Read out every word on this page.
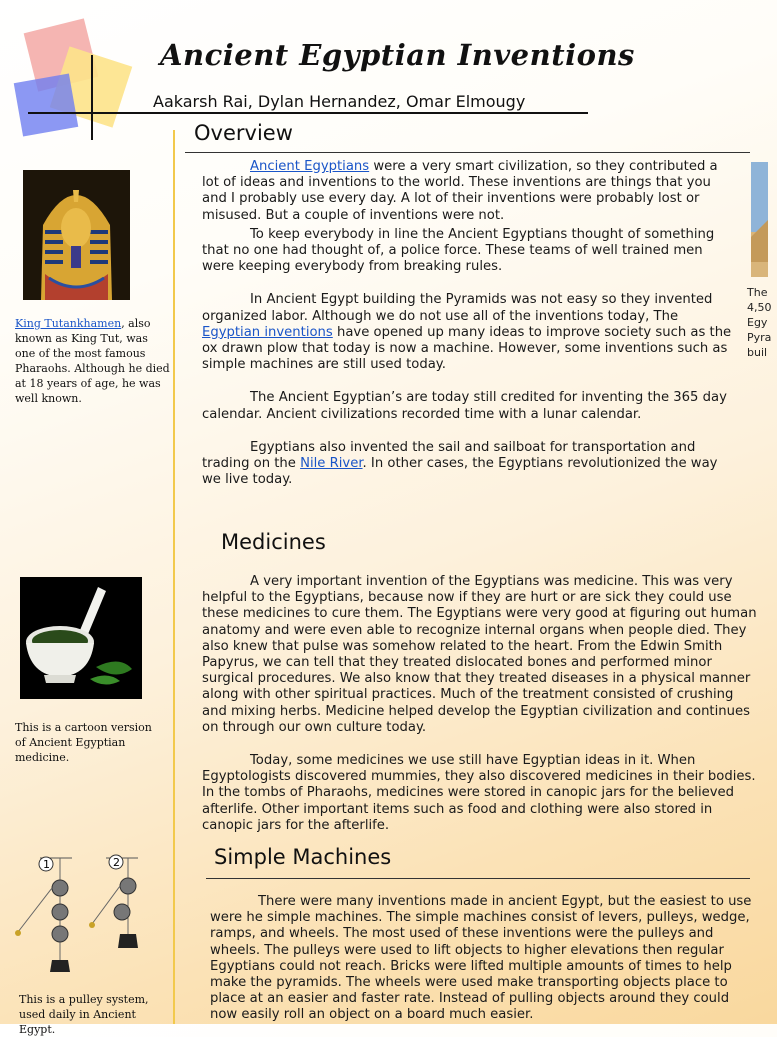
Ancient Egyptian Inventions
Aakarsh Rai, Dylan Hernandez, Omar Elmougy
Overview

Ancient Egyptians were a very smart civilization, so they contributed a lot of ideas and inventions to the world. These inventions are things that you and I probably use every day. A lot of their inventions were probably lost or misused. But a couple of inventions were not.

To keep everybody in line the Ancient Egyptians thought of something that no one had thought of, a police force. These teams of well trained men were keeping everybody from breaking rules.

In Ancient Egypt building the Pyramids was not easy so they invented organized labor. Although we do not use all of the inventions today, The Egyptian inventions have opened up many ideas to improve society such as the ox drawn plow that today is now a machine. However, some inventions such as simple machines are still used today.

The Ancient Egyptian’s are today still credited for inventing the 365 day calendar. Ancient civilizations recorded time with a lunar calendar.

Egyptians also invented the sail and sailboat for transportation and trading on the Nile River. In other cases, the Egyptians revolutionized the way we live today.

Medicines

A very important invention of the Egyptians was medicine. This was very helpful to the Egyptians, because now if they are hurt or are sick they could use these medicines to cure them. The Egyptians were very good at figuring out human anatomy and were even able to recognize internal organs when people died. They also knew that pulse was somehow related to the heart. From the Edwin Smith Papyrus, we can tell that they treated dislocated bones and performed minor surgical procedures. We also know that they treated diseases in a physical manner along with other spiritual practices. Much of the treatment consisted of crushing and mixing herbs. Medicine helped develop the Egyptian civilization and continues on through our own culture today.

Today, some medicines we use still have Egyptian ideas in it. When Egyptologists discovered mummies, they also discovered medicines in their bodies. In the tombs of Pharaohs, medicines were stored in canopic jars for the believed afterlife. Other important items such as food and clothing were also stored in canopic jars for the afterlife.

Simple Machines

There were many inventions made in ancient Egypt, but the easiest to use were he simple machines. The simple machines consist of levers, pulleys, wedge, ramps, and wheels. The most used of these inventions were the pulleys and wheels. The pulleys were used to lift objects to higher elevations then regular Egyptians could not reach. Bricks were lifted multiple amounts of times to help make the pyramids. The wheels were used make transporting objects place to place at an easier and faster rate. Instead of pulling objects around they could now easily roll an object on a board much easier.

King Tutankhamen, also known as King Tut, was one of the most famous Pharaohs. Although he died at 18 years of age, he was well known.
This is a cartoon version of Ancient Egyptian medicine.
1	2
This is a pulley system, used daily in Ancient Egypt.
The 4,50 Egy Pyra buil
